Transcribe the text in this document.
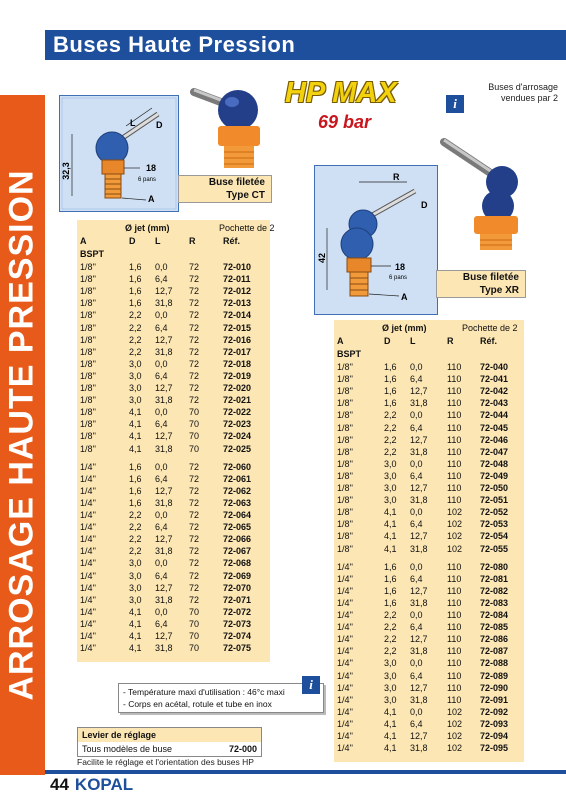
Buses Haute Pression
ARROSAGE HAUTE PRESSION 32,3	18
6 pans
L D
A
HP MAX
69 bar
Buses d'arrosage
vendues par 2
i
Buse filetée
Type CT
42
18
6 pans
R
D
A
Buse filetée
Type XR
Ø jet (mm)	Pochette de 2
A	D L	R	Réf.
BSPT
1/8''	1,6 0,0 72	72-010
1/8''	1,6 6,4 72	72-011
1/8''	1,6 12,7 72	72-012
1/8''	1,6 31,8 72	72-013
1/8''	2,2 0,0 72	72-014
1/8''	2,2 6,4 72	72-015
1/8''	2,2 12,7 72	72-016
1/8''	2,2 31,8 72	72-017
1/8''	3,0 0,0 72	72-018
1/8''	3,0 6,4 72	72-019
1/8''	3,0 12,7 72	72-020
1/8''	3,0 31,8 72	72-021
1/8''	4,1 0,0 70	72-022
1/8''	4,1 6,4 70	72-023
1/8''	4,1 12,7 70	72-024
1/8''	4,1 31,8 70	72-025
1/4''	1,6 0,0 72	72-060
1/4''	1,6 6,4 72	72-061
1/4''	1,6 12,7 72	72-062
1/4''	1,6 31,8 72	72-063
1/4''	2,2 0,0 72	72-064
1/4''	2,2 6,4 72	72-065
1/4''	2,2 12,7 72	72-066
1/4''	2,2 31,8 72	72-067
1/4''	3,0 0,0 72	72-068
1/4''	3,0 6,4 72	72-069
1/4''	3,0 12,7 72	72-070
1/4''	3,0 31,8 72	72-071
1/4''	4,1 0,0 70	72-072
1/4''	4,1 6,4 70	72-073
1/4''	4,1 12,7 70	72-074
1/4''	4,1 31,8 70	72-075
Ø jet (mm)	Pochette de 2
A	D L	R	Réf.
BSPT
1/8''	1,6 0,0	110 72-040
1/8''	1,6 6,4	110 72-041
1/8''	1,6 12,7 110 72-042
1/8''	1,6 31,8 110 72-043
1/8''	2,2 0,0	110 72-044
1/8''	2,2 6,4	110 72-045
1/8''	2,2 12,7 110 72-046
1/8''	2,2 31,8 110 72-047
1/8''	3,0 0,0	110 72-048
1/8''	3,0 6,4	110 72-049
1/8''	3,0 12,7 110 72-050
1/8''	3,0 31,8 110 72-051
1/8''	4,1 0,0	102 72-052
1/8''	4,1 6,4	102 72-053
1/8''	4,1 12,7 102 72-054
1/8''	4,1 31,8 102 72-055
1/4''	1,6 0,0	110 72-080
1/4''	1,6 6,4	110 72-081
1/4''	1,6 12,7 110 72-082
1/4''	1,6 31,8 110 72-083
1/4''	2,2 0,0	110 72-084
1/4''	2,2 6,4	110 72-085
1/4''	2,2 12,7 110 72-086
1/4''	2,2 31,8 110 72-087
1/4''	3,0 0,0	110 72-088
1/4''	3,0 6,4	110 72-089
1/4''	3,0 12,7 110 72-090
1/4''	3,0 31,8 110 72-091
1/4''	4,1 0,0	102 72-092
1/4''	4,1 6,4	102 72-093
1/4''	4,1 12,7 102 72-094
1/4''	4,1 31,8 102 72-095
- Température maxi d'utilisation : 46°c maxi
- Corps en acétal, rotule et tube en inox
i
Levier de réglage
Tous modèles de buse	72-000
Facilite le réglage et l'orientation des buses HP
44 KOPAL
